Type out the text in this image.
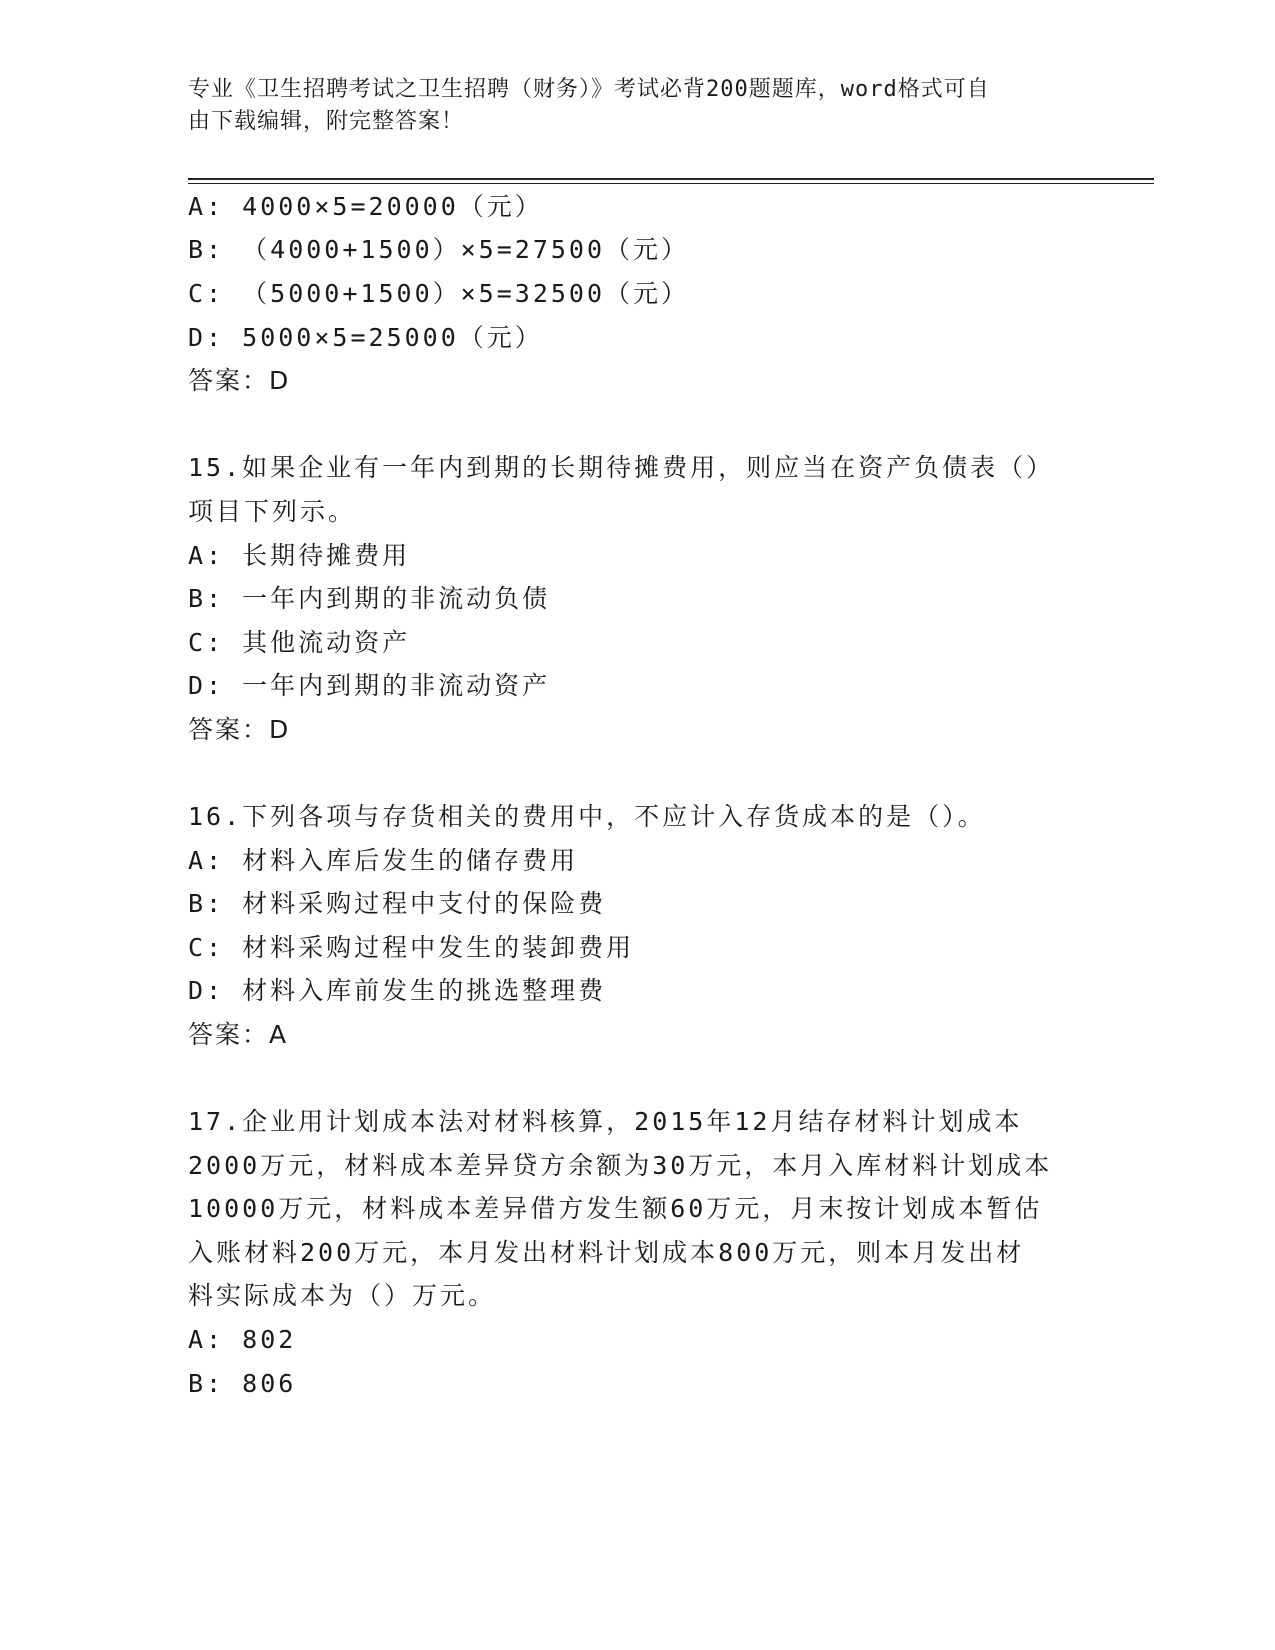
专业《卫生招聘考试之卫生招聘（财务）》考试必背200题题库，word格式可自
由下载编辑，附完整答案！
A: 4000×5=20000（元）
B: （4000+1500）×5=27500（元）
C: （5000+1500）×5=32500（元）
D: 5000×5=25000（元）
答案：D
15.如果企业有一年内到期的长期待摊费用，则应当在资产负债表（）
项目下列示。
A: 长期待摊费用
B: 一年内到期的非流动负债
C: 其他流动资产
D: 一年内到期的非流动资产
答案：D
16.下列各项与存货相关的费用中，不应计入存货成本的是（）。
A: 材料入库后发生的储存费用
B: 材料采购过程中支付的保险费
C: 材料采购过程中发生的装卸费用
D: 材料入库前发生的挑选整理费
答案：A
17.企业用计划成本法对材料核算，2015年12月结存材料计划成本
2000万元，材料成本差异贷方余额为30万元，本月入库材料计划成本
10000万元，材料成本差异借方发生额60万元，月末按计划成本暂估
入账材料200万元，本月发出材料计划成本800万元，则本月发出材
料实际成本为（）万元。
A: 802
B: 806
